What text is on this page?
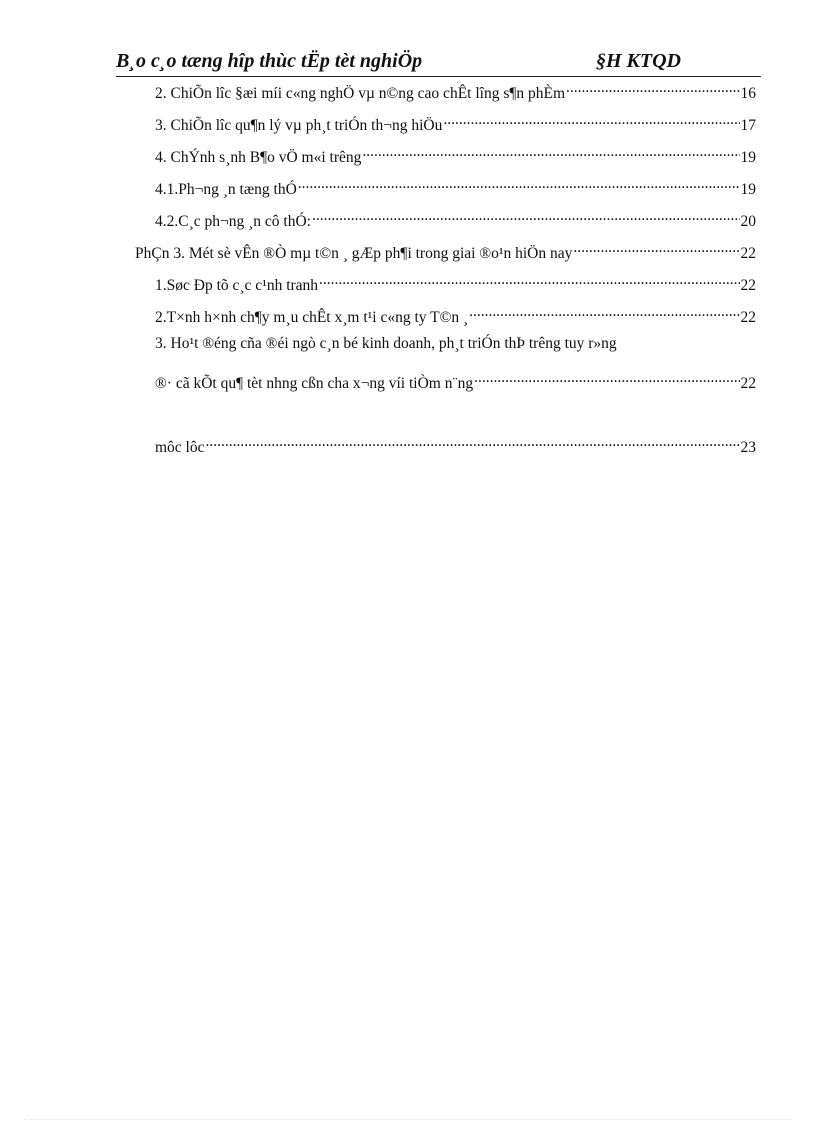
B¸o c¸o tæng hîp thùc tËp tèt nghiÖp	§H KTQD
2. ChiÕn lîc §æi míi c«ng nghÖ vµ n©ng cao chÊt lîng s¶n phÈm .....	16
3. ChiÕn lîc qu¶n lý vµ ph¸t triÓn th¬ng hiÖu .....	17
4. ChÝnh s¸nh B¶o vÖ m«i trêng .....	19
4.1.Ph¬ng ¸n tæng thÓ .....	19
4.2.C¸c ph¬ng ¸n cô thÓ: .....	20
PhÇn 3. Mét sè vÊn ®Ò mµ t©n ¸ gÆp ph¶i trong giai ®o¹n hiÖn nay .....	22
1.Søc Ðp tõ c¸c c¹nh tranh .....	22
2.T×nh h×nh ch¶y m¸u chÊt x¸m t¹i c«ng ty T©n ¸ .....	22
3. Ho¹t ®éng cña ®éi ngò c¸n bé kinh doanh, ph¸t triÓn thÞ trêng tuy r»ng
®· cã kÕt qu¶ tèt nhng cßn cha x¬ng víi tiÒm n¨ng .....	22
môc lôc .....	23
